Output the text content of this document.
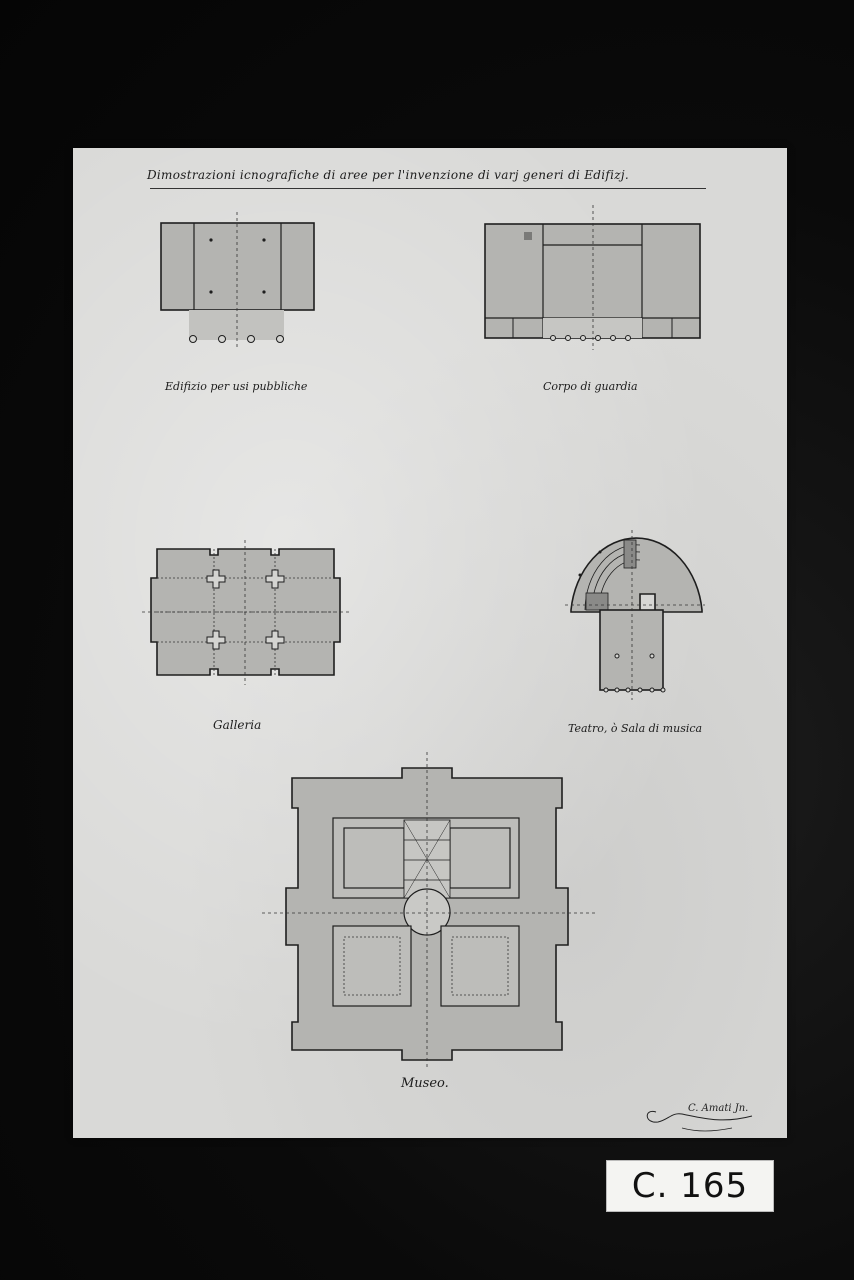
Dimostrazioni icnografiche di aree per l'invenzione di varj generi di Edifizj.
Edifizio per usi pubbliche	Corpo di guardia
Galleria	Teatro, ò Sala di musica
Museo.
C. Amati Jn.
C. 165
